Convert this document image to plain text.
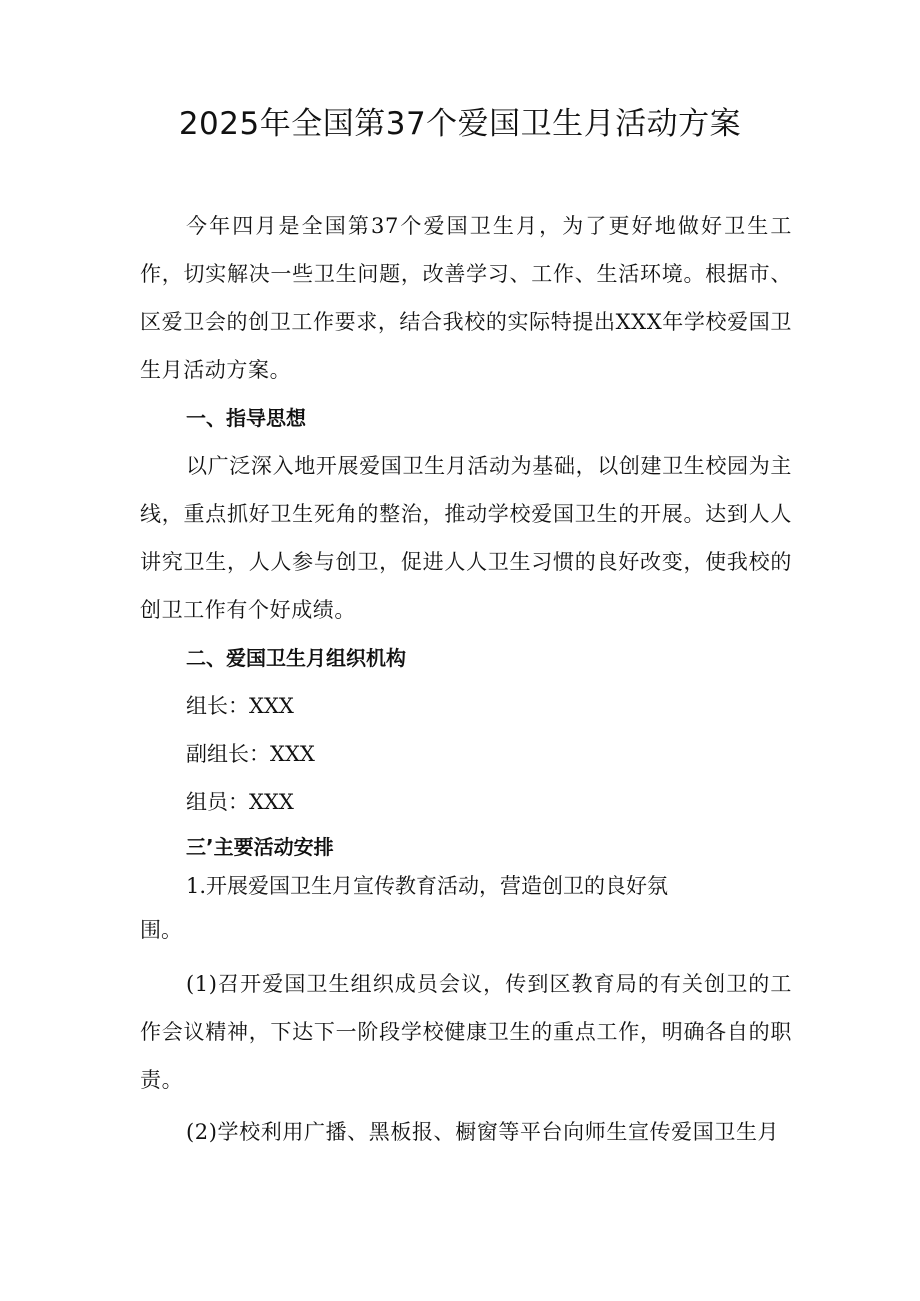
2025年全国第37个爱国卫生月活动方案

今年四月是全国第37个爱国卫生月，为了更好地做好卫生工作，切实解决一些卫生问题，改善学习、工作、生活环境。根据市、区爱卫会的创卫工作要求，结合我校的实际特提出XXX年学校爱国卫生月活动方案。

一、指导思想

以广泛深入地开展爱国卫生月活动为基础，以创建卫生校园为主线，重点抓好卫生死角的整治，推动学校爱国卫生的开展。达到人人讲究卫生，人人参与创卫，促进人人卫生习惯的良好改变，使我校的创卫工作有个好成绩。

二、爱国卫生月组织机构

组长：XXX

副组长：XXX

组员：XXX

三’主要活动安排

1.开展爱国卫生月宣传教育活动，营造创卫的良好氛

围。

(1)召开爱国卫生组织成员会议，传到区教育局的有关创卫的工作会议精神，下达下一阶段学校健康卫生的重点工作，明确各自的职责。

(2)学校利用广播、黑板报、橱窗等平台向师生宣传爱国卫生月
